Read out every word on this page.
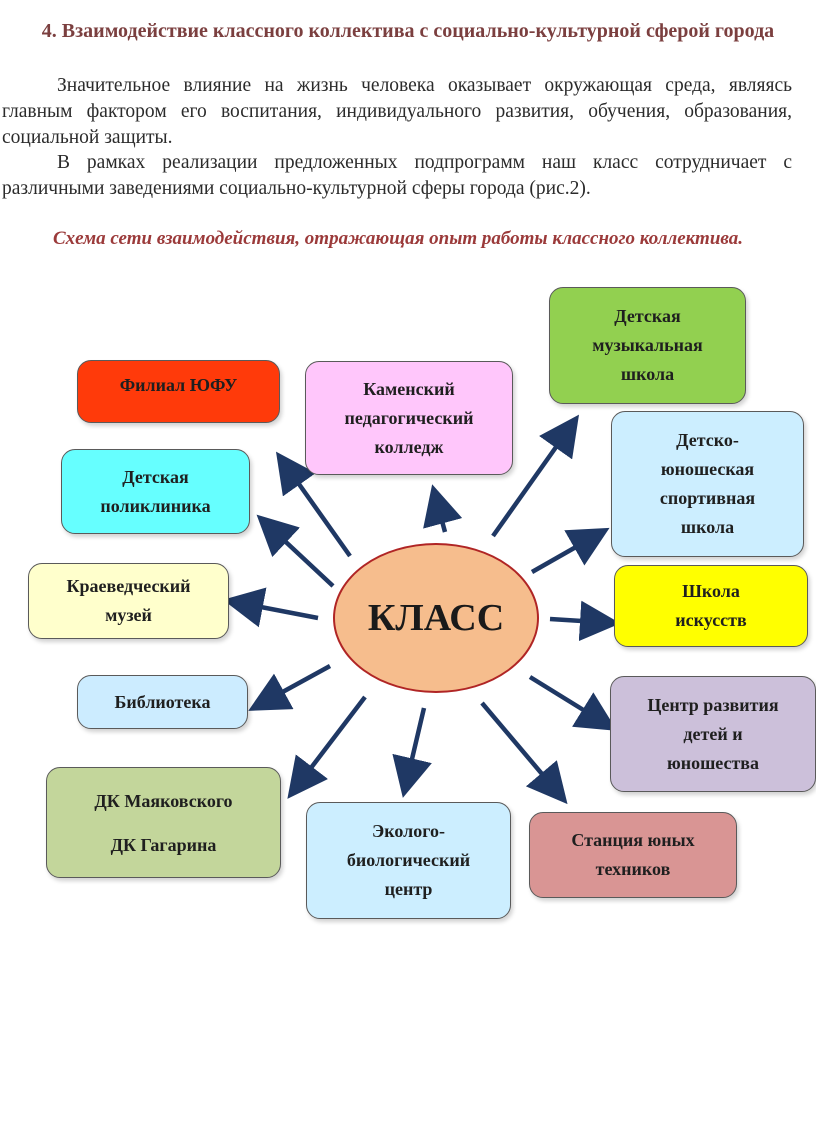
4. Взаимодействие классного коллектива с социально-культурной сферой города

Значительное влияние на жизнь человека оказывает окружающая среда, являясь главным фактором его воспитания, индивидуального развития, обучения, образования, социальной защиты.

В рамках реализации предложенных подпрограмм наш класс сотрудничает с различными заведениями социально-культурной сферы города (рис.2).

Схема сети взаимодействия, отражающая опыт работы классного коллектива.
КЛАСС
Филиал ЮФУ	Каменский
педагогический
колледж
Детская
музыкальная
школа
Детская
поликлиника
Детско-
юношеская
спортивная
школа
Краеведческий
музей
Школа
искусств
Библиотека	Центр развития
детей и
юношества
ДК Маяковского

ДК Гагарина
Эколого-
биологический
центр
Станция юных
техников
